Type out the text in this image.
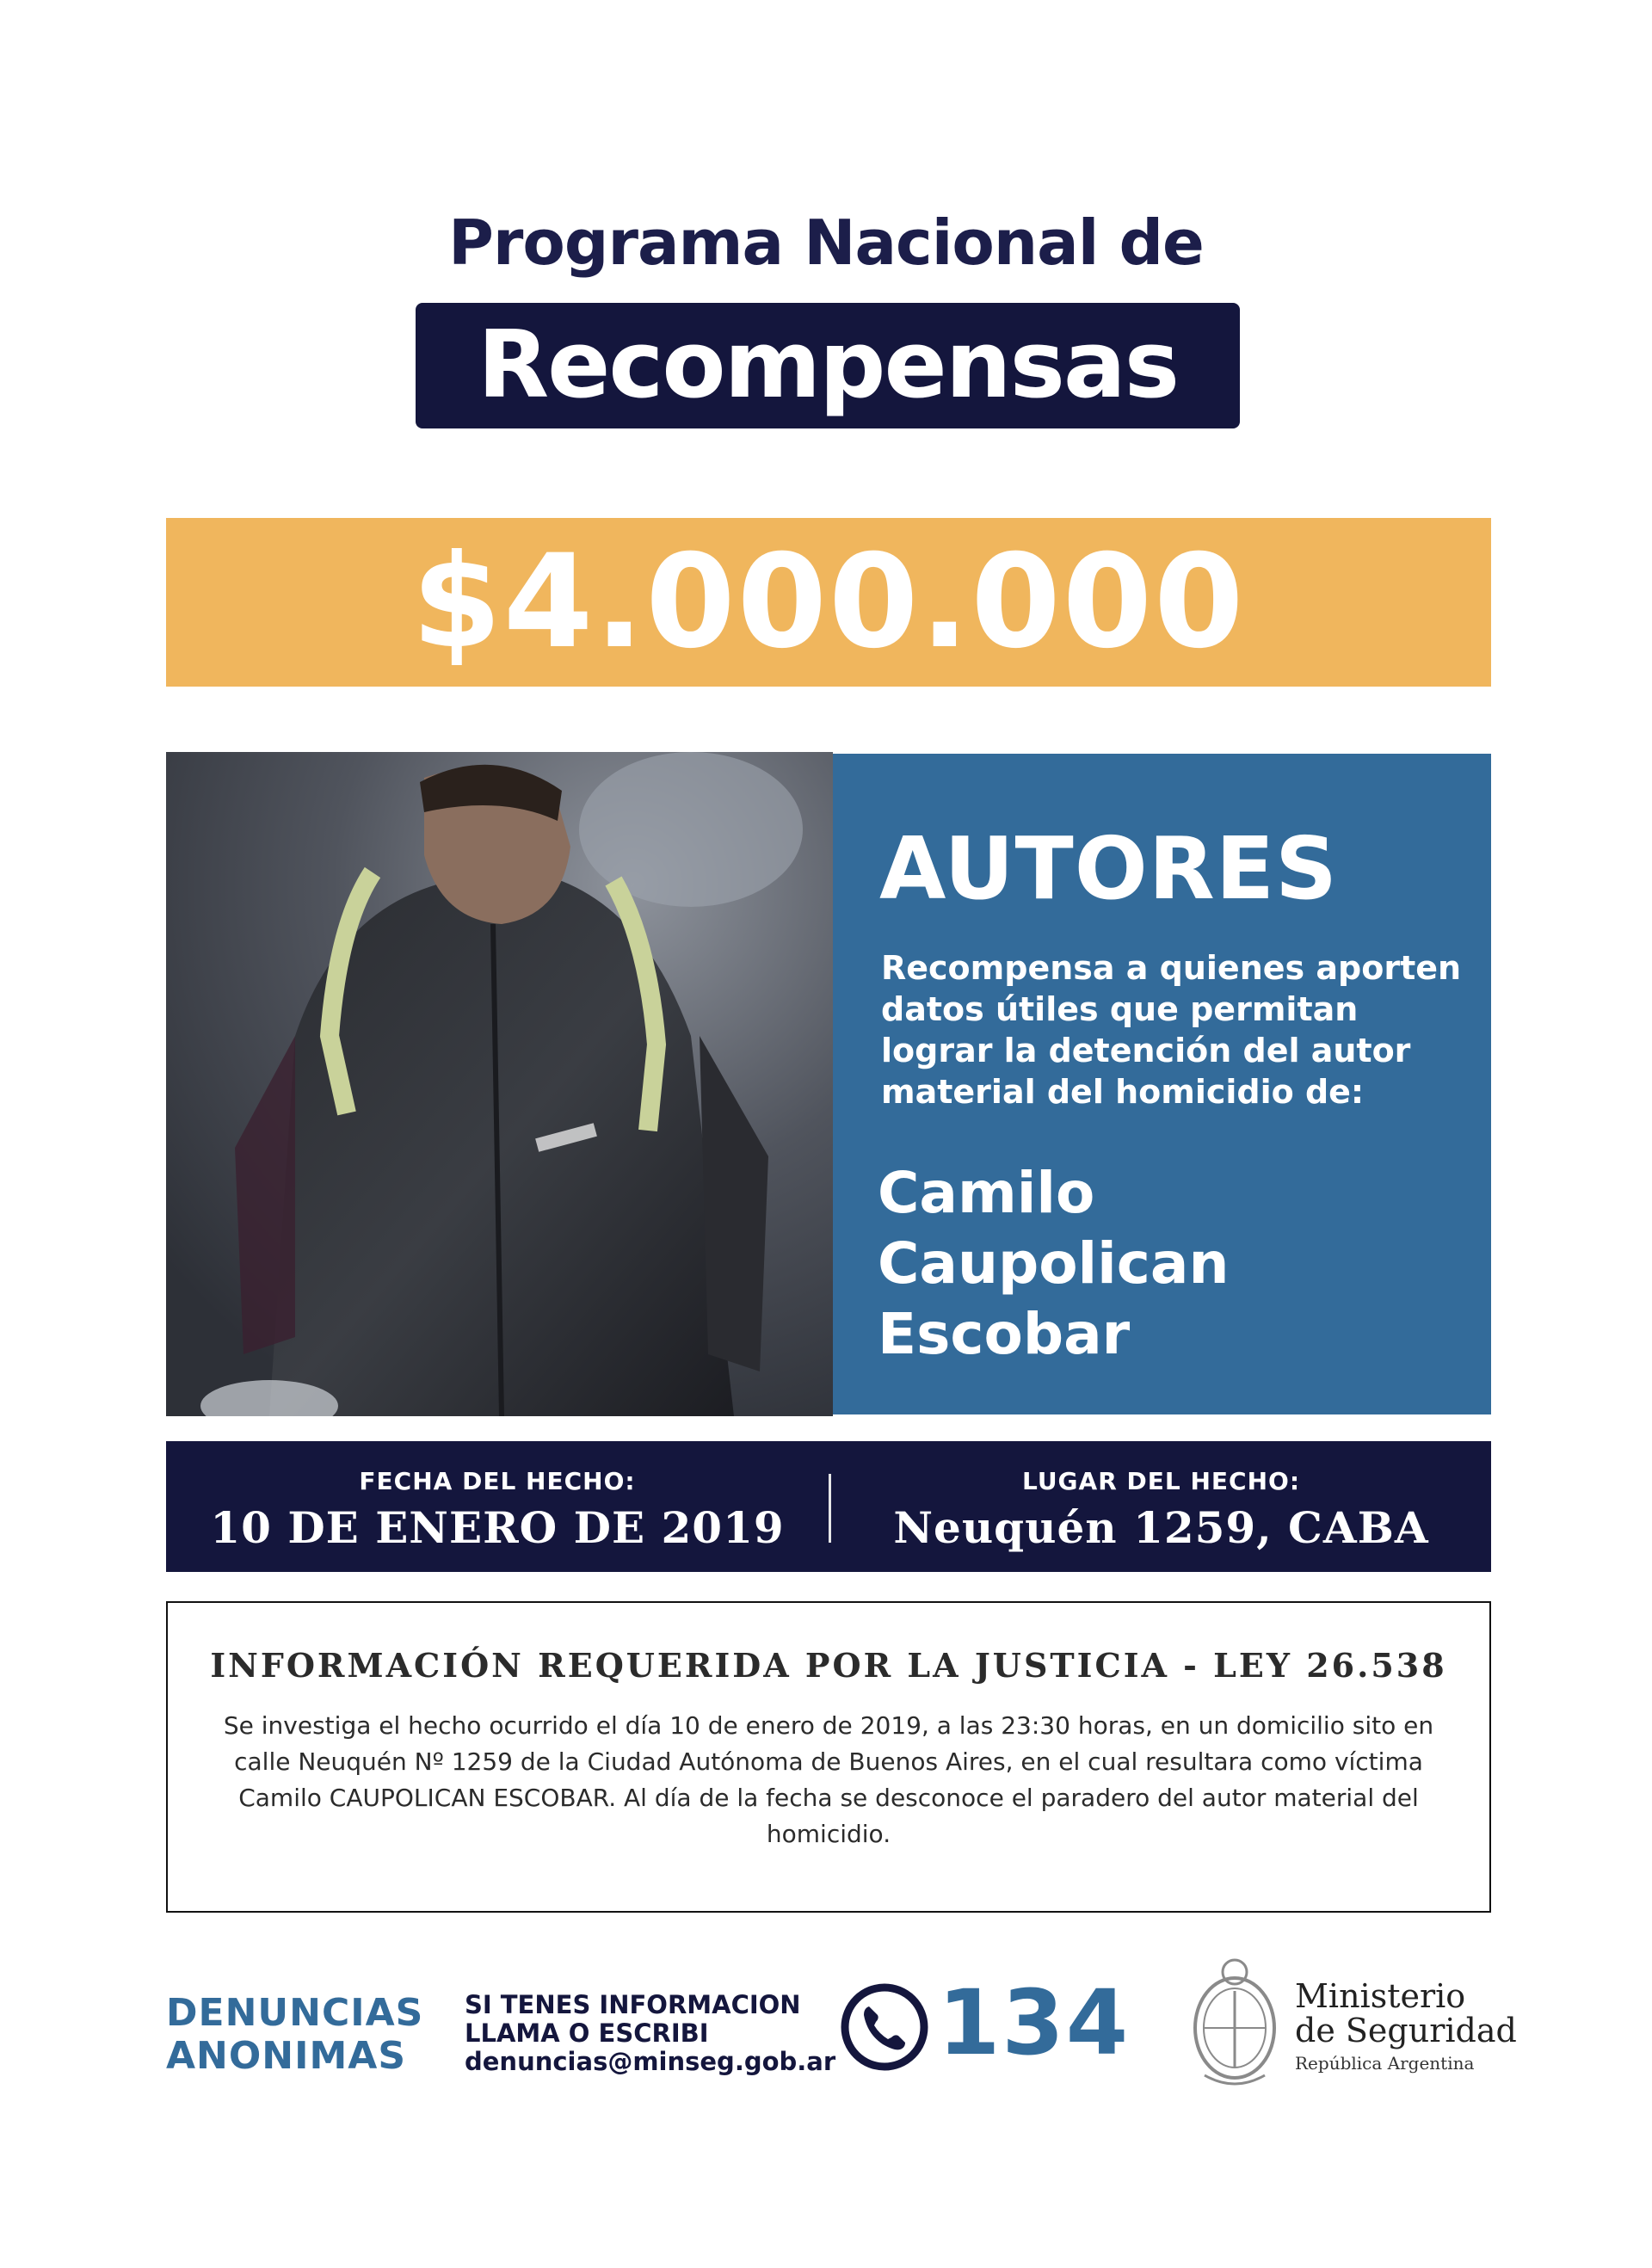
Programa Nacional de
Recompensas
$4.000.000
AUTORES
Recompensa a quienes aporten datos útiles que permitan lograr la detención del autor material del homicidio de:
Camilo
Caupolican
Escobar
FECHA DEL HECHO:
10 DE ENERO DE 2019
LUGAR DEL HECHO:
Neuquén 1259, CABA
INFORMACIÓN REQUERIDA POR LA JUSTICIA - LEY 26.538
Se investiga el hecho ocurrido el día 10 de enero de 2019, a las 23:30 horas, en un domicilio sito en calle Neuquén Nº 1259 de la Ciudad Autónoma de Buenos Aires, en el cual resultara como víctima Camilo CAUPOLICAN ESCOBAR. Al día de la fecha se desconoce el paradero del autor material del homicidio.
DENUNCIAS
ANONIMAS
SI TENES INFORMACION
LLAMA O ESCRIBI
denuncias@minseg.gob.ar 134	Ministerio
de Seguridad
República Argentina
